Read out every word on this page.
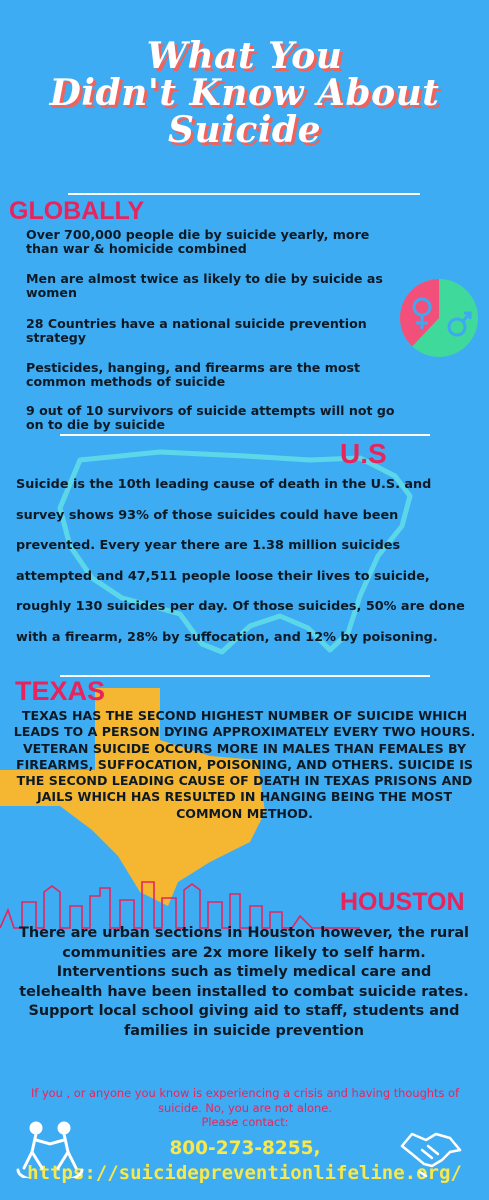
What You
Didn't Know About
Suicide
GLOBALLY
Over 700,000 people die by suicide yearly, more than war & homicide combined
Men are almost twice as likely to die by suicide as women
28 Countries have a national suicide prevention strategy
Pesticides, hanging, and firearms are the most common methods of suicide
9 out of 10 survivors of suicide attempts will not go on to die by suicide
U.S
Suicide is the 10th leading cause of death in the U.S. and survey shows 93% of those suicides could have been prevented. Every year there are 1.38 million suicides attempted and 47,511 people loose their lives to suicide, roughly 130 suicides per day. Of those suicides, 50% are done with a firearm, 28% by suffocation, and 12% by poisoning.
TEXAS
TEXAS HAS THE SECOND HIGHEST NUMBER OF SUICIDE WHICH LEADS TO A PERSON DYING APPROXIMATELY EVERY TWO HOURS. VETERAN SUICIDE OCCURS MORE IN MALES THAN FEMALES BY FIREARMS, SUFFOCATION, POISONING, AND OTHERS. SUICIDE IS THE SECOND LEADING CAUSE OF DEATH IN TEXAS PRISONS AND JAILS WHICH HAS RESULTED IN HANGING BEING THE MOST COMMON METHOD.
HOUSTON

There are urban sections in Houston however, the rural communities are 2x more likely to self harm.

Interventions such as timely medical care and telehealth have been installed to combat suicide rates. Support local school giving aid to staff, students and families in suicide prevention

If you , or anyone you know is experiencing a crisis and having thoughts of suicide. No, you are not alone.
Please contact:
800-273-8255,
https://suicidepreventionlifeline.org/
